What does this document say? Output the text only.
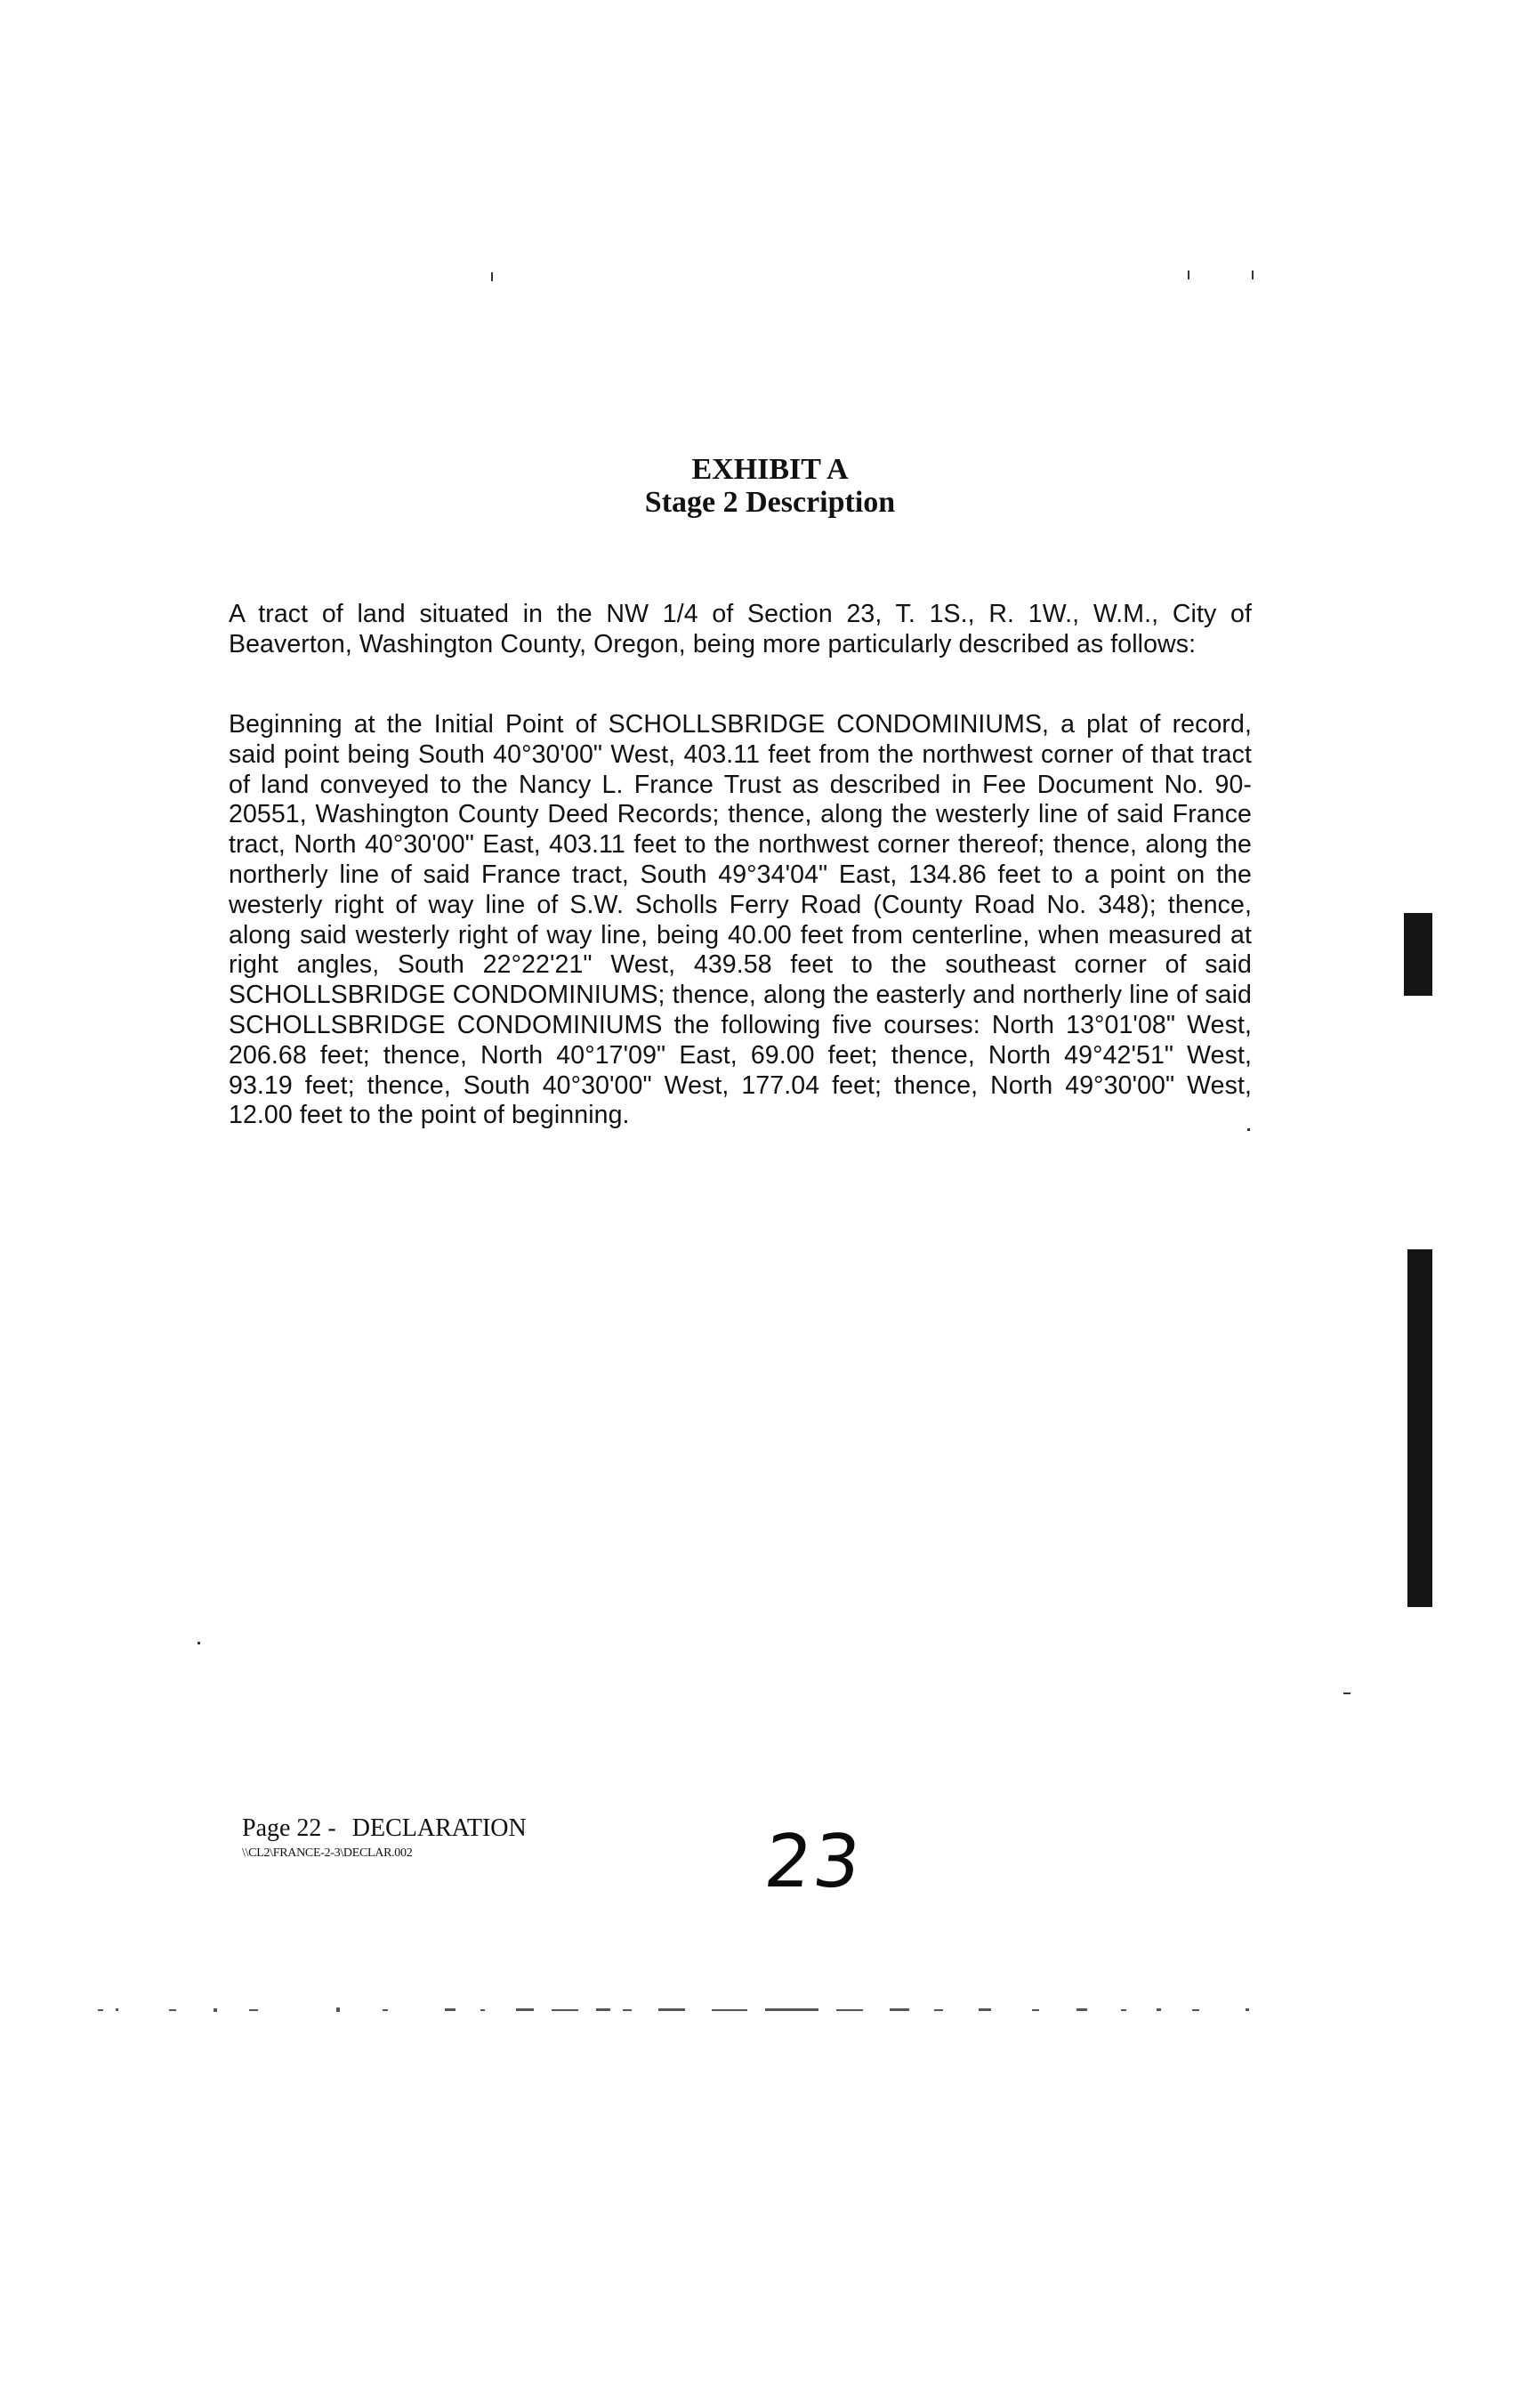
EXHIBIT A
Stage 2 Description

A tract of land situated in the NW 1/4 of Section 23, T. 1S., R. 1W., W.M., City of Beaverton, Washington County, Oregon, being more particularly described as follows:

Beginning at the Initial Point of SCHOLLSBRIDGE CONDOMINIUMS, a plat of record, said point being South 40°30'00" West, 403.11 feet from the northwest corner of that tract of land conveyed to the Nancy L. France Trust as described in Fee Document No. 90-20551, Washington County Deed Records; thence, along the westerly line of said France tract, North 40°30'00" East, 403.11 feet to the northwest corner thereof; thence, along the northerly line of said France tract, South 49°34'04" East, 134.86 feet to a point on the westerly right of way line of S.W. Scholls Ferry Road (County Road No. 348); thence, along said westerly right of way line, being 40.00 feet from centerline, when measured at right angles, South 22°22'21" West, 439.58 feet to the southeast corner of said SCHOLLSBRIDGE CONDOMINIUMS; thence, along the easterly and northerly line of said SCHOLLSBRIDGE CONDOMINIUMS the following five courses: North 13°01'08" West, 206.68 feet; thence, North 40°17'09" East, 69.00 feet; thence, North 49°42'51" West, 93.19 feet; thence, South 40°30'00" West, 177.04 feet; thence, North 49°30'00" West, 12.00 feet to the point of beginning.

Page 22 - DECLARATION
\\CL2\FRANCE-2-3\DECLAR.002	23
